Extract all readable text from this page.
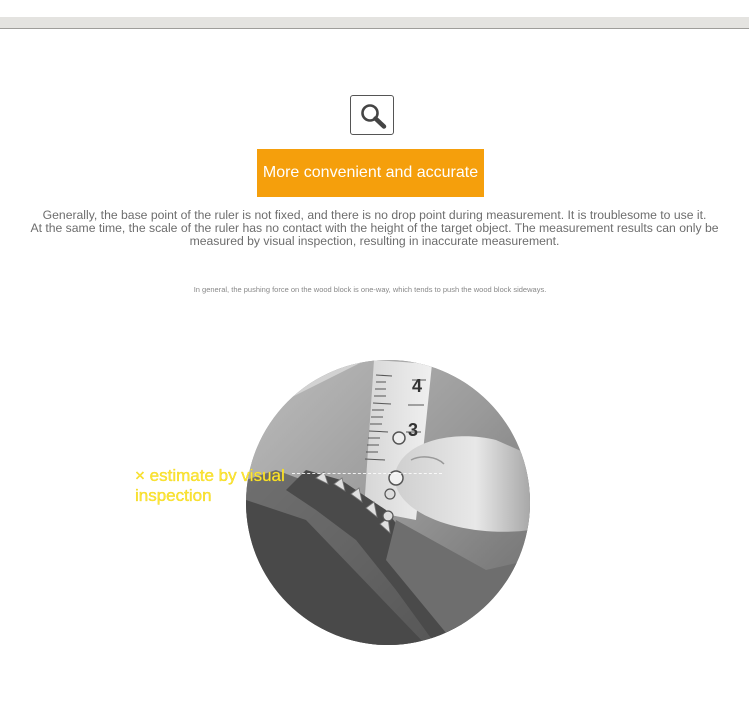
More convenient and accurate
Generally, the base point of the ruler is not fixed, and there is no drop point during measurement. It is troublesome to use it.
At the same time, the scale of the ruler has no contact with the height of the target object. The measurement results can only be
measured by visual inspection, resulting in inaccurate measurement.
In general, the pushing force on the wood block is one-way, which tends to push the wood block sideways.
4
3
× estimate by visual
inspection
